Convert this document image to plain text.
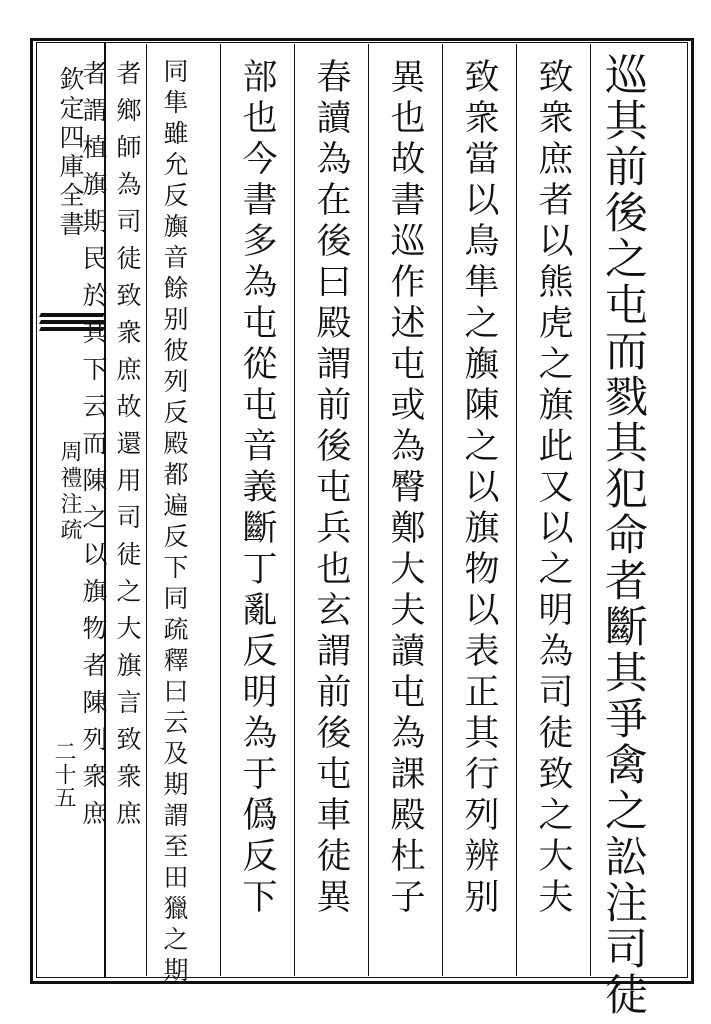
欽定四庫全書
周禮注疏
二十五	巡其前後之屯而戮其犯命者斷其爭禽之訟注司徒
致衆庶者以熊虎之旗此又以之明為司徒致之大夫
致衆當以鳥隼之旟陳之以旗物以表正其行列辨别
異也故書巡作述屯或為臀鄭大夫讀屯為課殿杜子
春讀為在後曰殿謂前後屯兵也玄謂前後屯車徒異
部也今書多為屯從屯音義斷丁亂反明為于僞反下
同隼雖允反旟音餘别彼列反殿都遍反下同疏釋曰云及期謂至田獵之期
者鄉師為司徒致衆庶故還用司徒之大旗言致衆庶
者謂植旗期民於其下云而陳之以旗物者陳列衆庶
